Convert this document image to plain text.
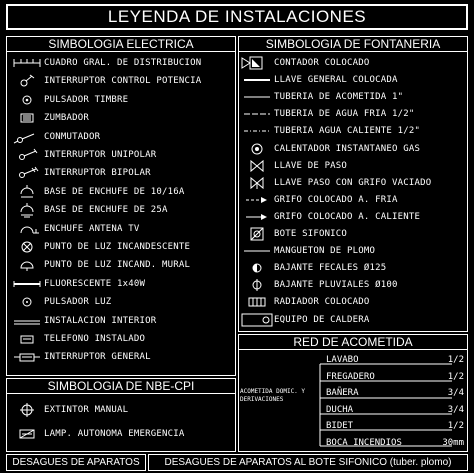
LEYENDA DE INSTALACIONES
SIMBOLOGIA ELECTRICA
CUADRO GRAL. DE DISTRIBUCION
INTERRUPTOR CONTROL POTENCIA
PULSADOR TIMBRE
ZUMBADOR
CONMUTADOR
INTERRUPTOR UNIPOLAR
INTERRUPTOR BIPOLAR
BASE DE ENCHUFE DE 10/16A
BASE DE ENCHUFE DE 25A
ENCHUFE ANTENA TV
PUNTO DE LUZ INCANDESCENTE
PUNTO DE LUZ INCAND. MURAL
FLUORESCENTE 1x40W
PULSADOR LUZ
INSTALACION INTERIOR
TELEFONO INSTALADO
INTERRUPTOR GENERAL
SIMBOLOGIA DE NBE-CPI
EXTINTOR MANUAL
LAMP. AUTONOMA EMERGENCIA
SIMBOLOGIA DE FONTANERIA
CONTADOR COLOCADO
LLAVE GENERAL COLOCADA
TUBERIA DE ACOMETIDA 1"
TUBERIA DE AGUA FRIA 1/2"
TUBERIA AGUA CALIENTE 1/2"
CALENTADOR INSTANTANEO GAS
LLAVE DE PASO
LLAVE PASO CON GRIFO VACIADO
GRIFO COLOCADO A. FRIA
GRIFO COLOCADO A. CALIENTE
BOTE SIFONICO
MANGUETON DE PLOMO
BAJANTE FECALES Ø125
BAJANTE PLUVIALES Ø100
RADIADOR COLOCADO
EQUIPO DE CALDERA
RED DE ACOMETIDA
ACOMETIDA DOMIC. Y DERIVACIONES
LAVABO	1/2
FREGADERO	1/2
BAÑERA	3/4
DUCHA	3/4
BIDET	1/2
BOCA INCENDIOS	30mm
DESAGUES DE APARATOS	DESAGUES DE APARATOS AL BOTE SIFONICO (tuber. plomo)
